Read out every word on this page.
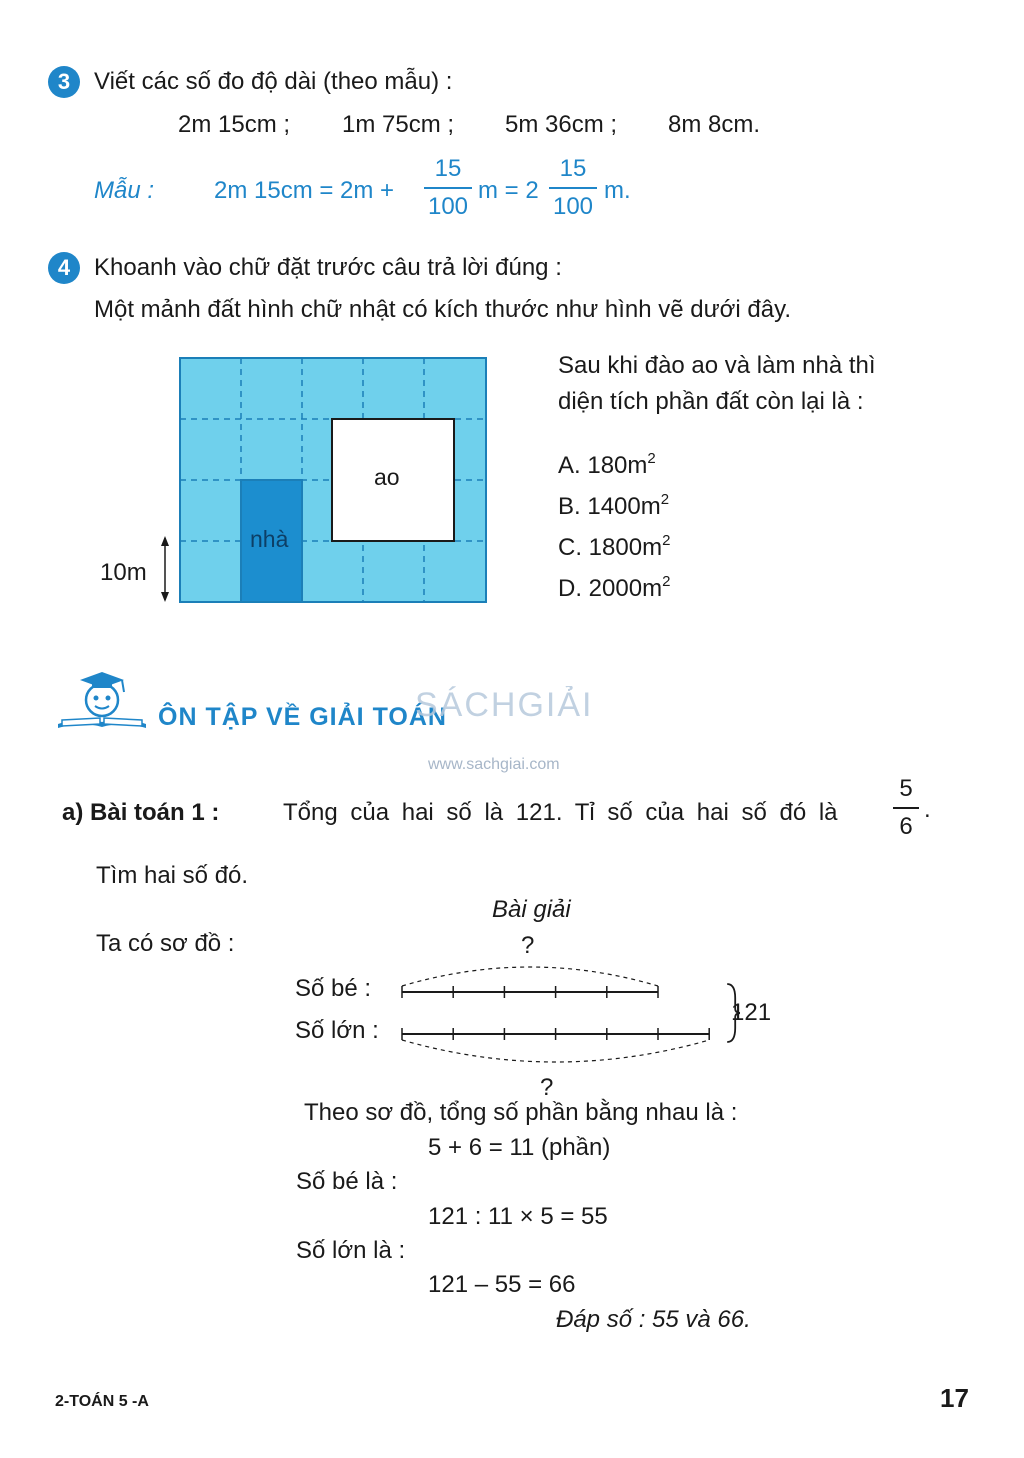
3 Viết các số đo độ dài (theo mẫu) :
2m 15cm ; 1m 75cm ; 5m 36cm ; 8m 8cm.
Mẫu : 2m 15cm = 2m +
15
100
m = 2
15
100
m.
4 Khoanh vào chữ đặt trước câu trả lời đúng :
Một mảnh đất hình chữ nhật có kích thước như hình vẽ dưới đây.
ao
nhà
10m
Sau khi đào ao và làm nhà thì
diện tích phần đất còn lại là :
A. $180m^2$
B. $1400m^2$
C. $1800m^2$
D. $2000m^2$
ÔN TẬP VỀ GIẢI TOÁN
SÁCHGIẢI
www.sachgiai.com
a) Bài toán 1 :	Tổng của hai số là 121. Tỉ số của hai số đó là
5
6
.
Tìm hai số đó.
Bài giải
Ta có sơ đồ :	?
Số bé :
Số lớn :
121
?
Theo sơ đồ, tổng số phần bằng nhau là :
5 + 6 = 11 (phần)
Số bé là :
121 : 11 × 5 = 55
Số lớn là :
121 – 55 = 66
Đáp số : 55 và 66.
2-TOÁN 5 -A	17
